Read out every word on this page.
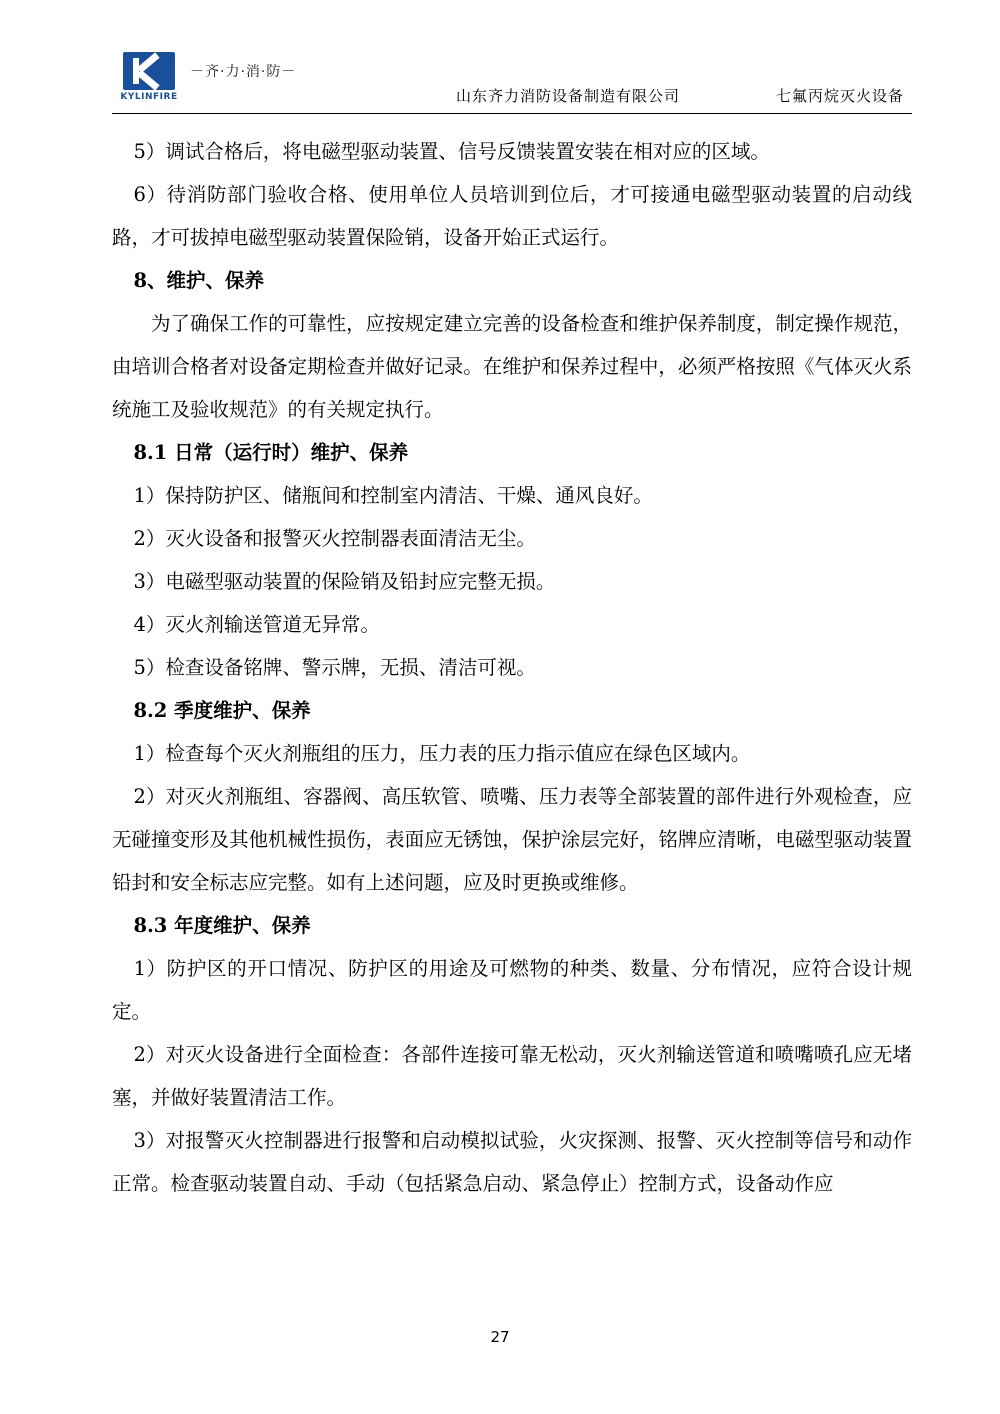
KYLINFIRE
－齐·力·消·防－
山东齐力消防设备制造有限公司	七氟丙烷灭火设备

5）调试合格后，将电磁型驱动装置、信号反馈装置安装在相对应的区域。

6）待消防部门验收合格、使用单位人员培训到位后，才可接通电磁型驱动装置的启动线路，才可拔掉电磁型驱动装置保险销，设备开始正式运行。

8、维护、保养

为了确保工作的可靠性，应按规定建立完善的设备检查和维护保养制度，制定操作规范，由培训合格者对设备定期检查并做好记录。在维护和保养过程中，必须严格按照《气体灭火系统施工及验收规范》的有关规定执行。

8.1 日常（运行时）维护、保养

1）保持防护区、储瓶间和控制室内清洁、干燥、通风良好。

2）灭火设备和报警灭火控制器表面清洁无尘。

3）电磁型驱动装置的保险销及铅封应完整无损。

4）灭火剂输送管道无异常。

5）检查设备铭牌、警示牌，无损、清洁可视。

8.2 季度维护、保养

1）检查每个灭火剂瓶组的压力，压力表的压力指示值应在绿色区域内。

2）对灭火剂瓶组、容器阀、高压软管、喷嘴、压力表等全部装置的部件进行外观检查，应无碰撞变形及其他机械性损伤，表面应无锈蚀，保护涂层完好，铭牌应清晰，电磁型驱动装置铅封和安全标志应完整。如有上述问题，应及时更换或维修。

8.3 年度维护、保养

1）防护区的开口情况、防护区的用途及可燃物的种类、数量、分布情况，应符合设计规定。

2）对灭火设备进行全面检查：各部件连接可靠无松动，灭火剂输送管道和喷嘴喷孔应无堵塞，并做好装置清洁工作。

3）对报警灭火控制器进行报警和启动模拟试验，火灾探测、报警、灭火控制等信号和动作正常。检查驱动装置自动、手动（包括紧急启动、紧急停止）控制方式，设备动作应

27
